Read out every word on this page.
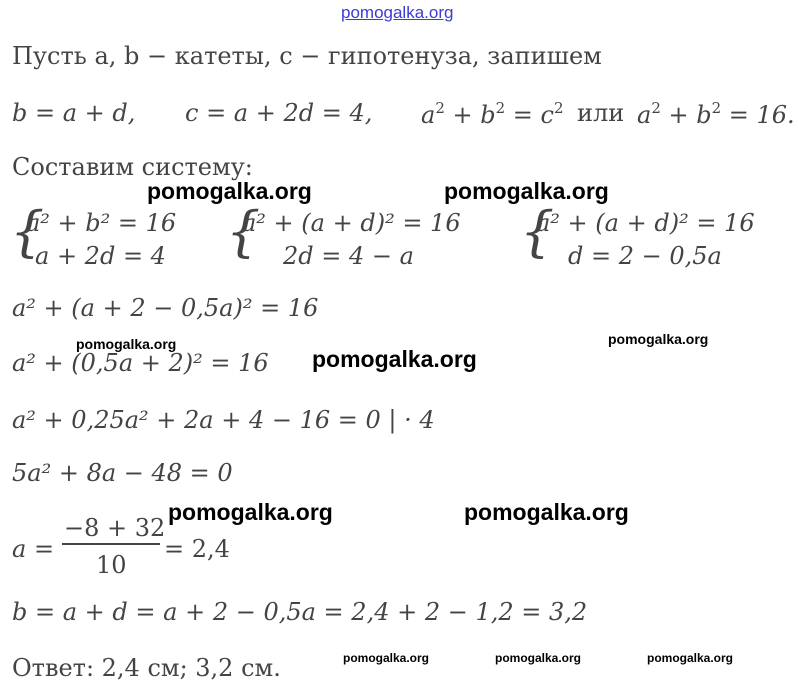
pomogalka.org
Пусть a, b − катеты, c − гипотенуза, запишем
b = a + d, c = a + 2d = 4, $a^2 + b^2 = c^2$ или $a^2 + b^2 = 16$.
Составим систему:
pomogalka.org	pomogalka.org
{
a² + b² = 16
a + 2d = 4 {
a² + (a + d)² = 16
2d = 4 − a {
a² + (a + d)² = 16
d = 2 − 0,5a
a² + (a + 2 − 0,5a)² = 16
pomogalka.org	pomogalka.org
a² + (0,5a + 2)² = 16 pomogalka.org
a² + 0,25a² + 2a + 4 − 16 = 0 | · 4
5a² + 8a − 48 = 0
pomogalka.org	pomogalka.org
a =
−8 + 32
10
= 2,4
b = a + d = a + 2 − 0,5a = 2,4 + 2 − 1,2 = 3,2
Ответ: 2,4 см; 3,2 см.	pomogalka.org	pomogalka.org	pomogalka.org
